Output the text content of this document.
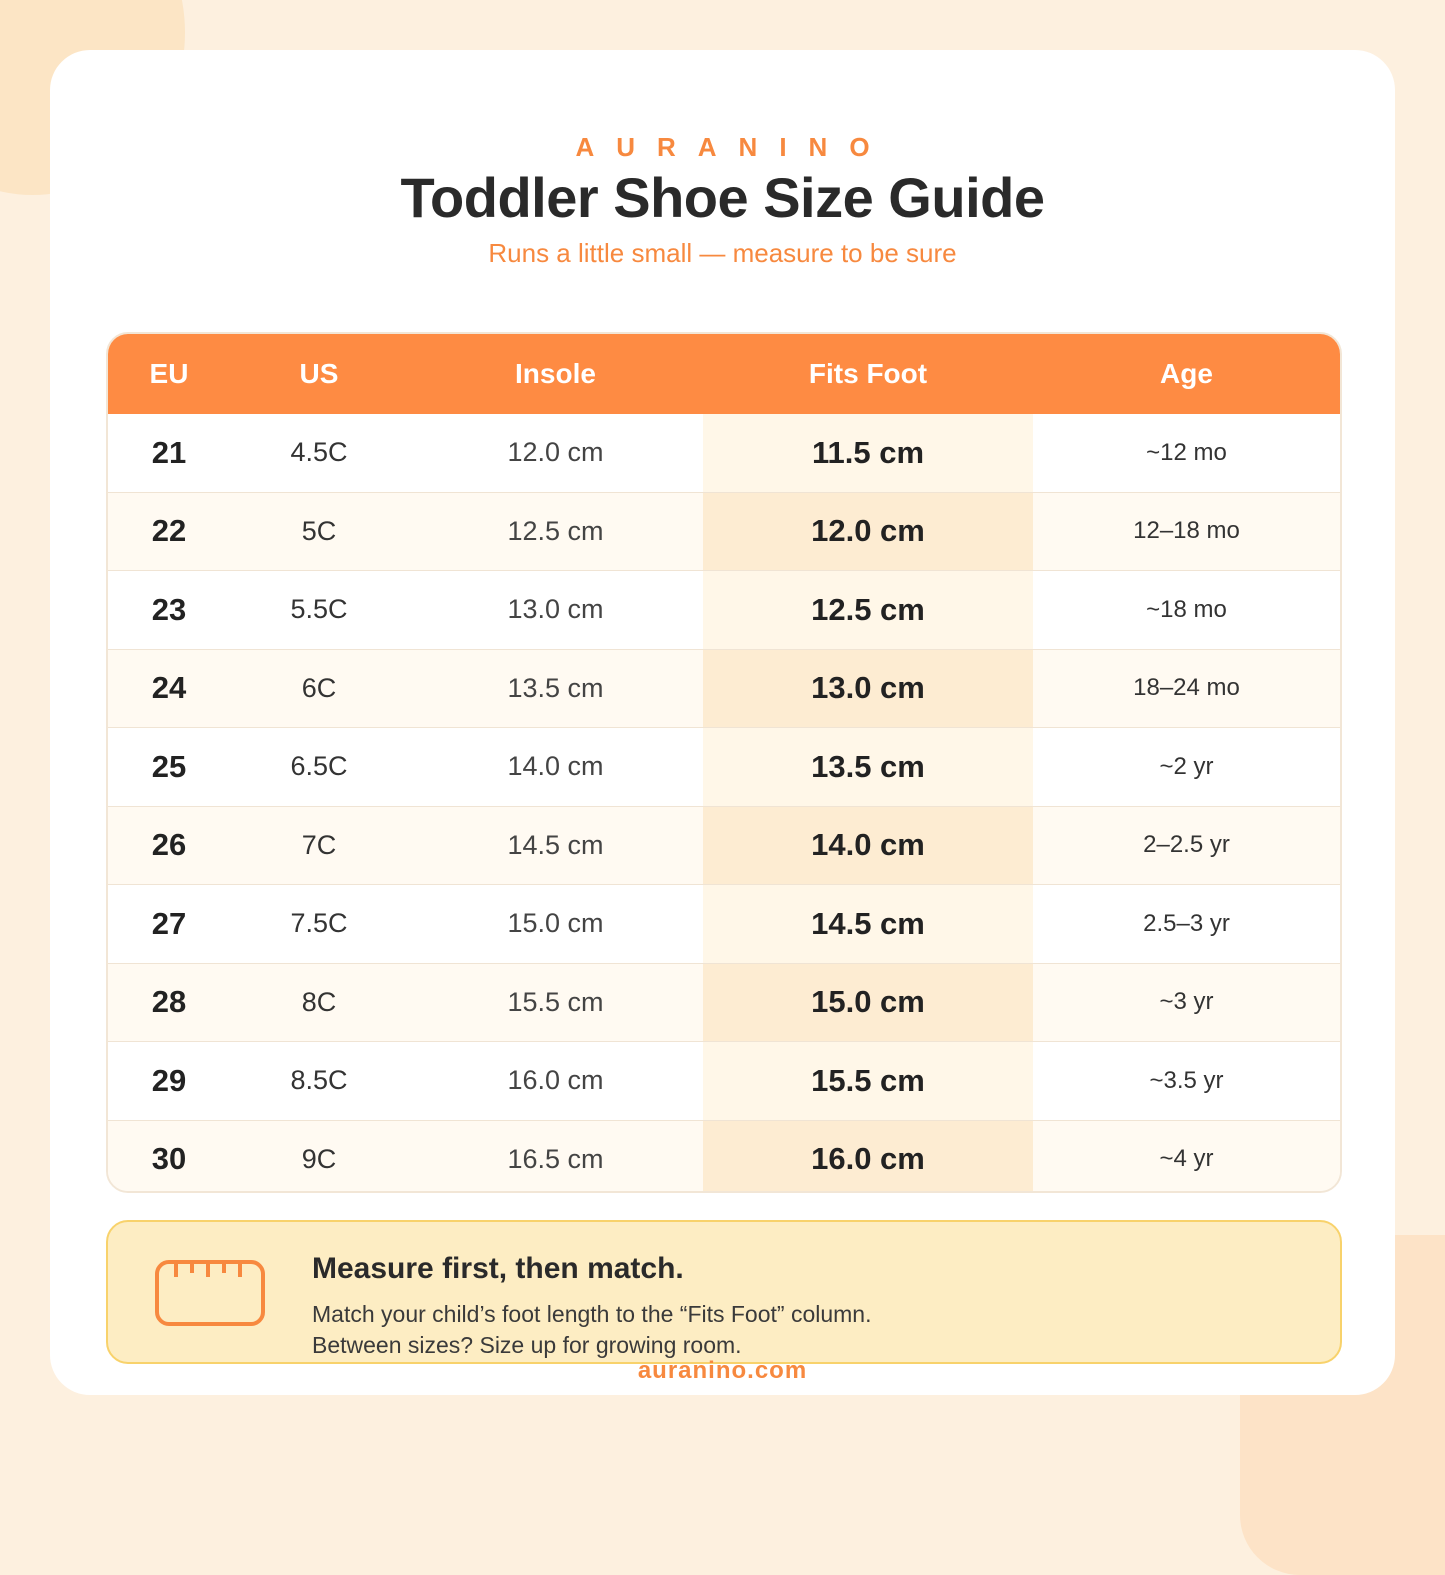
AURANINO
Toddler Shoe Size Guide
Runs a little small — measure to be sure
EU	US	Insole	Fits Foot	Age
21	4.5C	12.0 cm	11.5 cm	~12 mo
22	5C	12.5 cm	12.0 cm	12–18 mo
23	5.5C	13.0 cm	12.5 cm	~18 mo
24	6C	13.5 cm	13.0 cm	18–24 mo
25	6.5C	14.0 cm	13.5 cm	~2 yr
26	7C	14.5 cm	14.0 cm	2–2.5 yr
27	7.5C	15.0 cm	14.5 cm	2.5–3 yr
28	8C	15.5 cm	15.0 cm	~3 yr
29	8.5C	16.0 cm	15.5 cm	~3.5 yr
30	9C	16.5 cm	16.0 cm	~4 yr
Measure first, then match.
Match your child’s foot length to the “Fits Foot” column.
Between sizes? Size up for growing room.
auranino.com
